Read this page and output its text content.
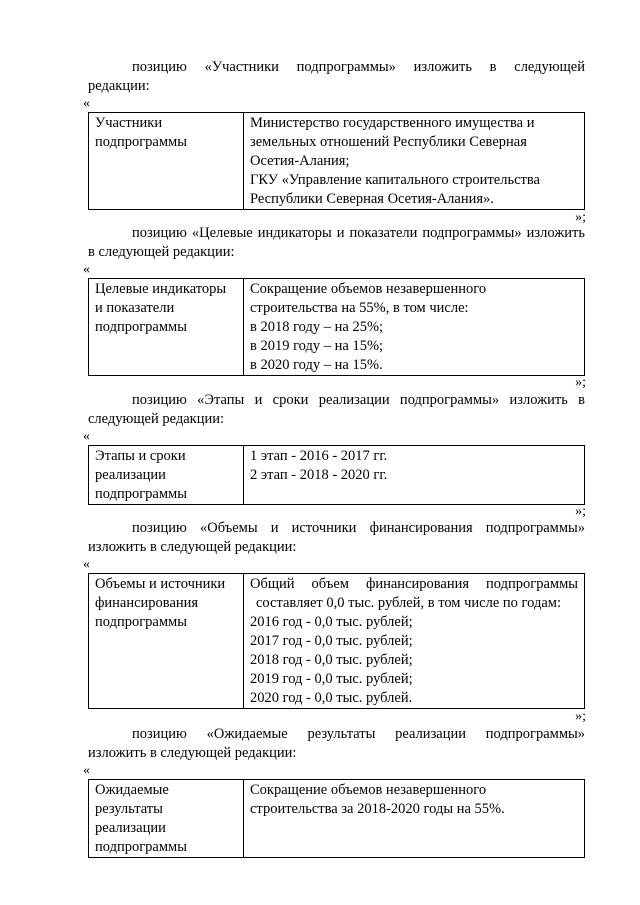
позицию «Участники подпрограммы» изложить в следующей
редакции:

«
Участники
подпрограммы

Министерство государственного имущества и
земельных отношений Республики Северная
Осетия-Алания;
ГКУ «Управление капитального строительства
Республики Северная Осетия-Алания».
»;

позицию «Целевые индикаторы и показатели подпрограммы» изложить
в следующей редакции:

«
Целевые индикаторы
и показатели
подпрограммы

Сокращение объемов незавершенного
строительства на 55%, в том числе:
в 2018 году – на 25%;
в 2019 году – на 15%;
в 2020 году – на 15%.
»;

позицию «Этапы и сроки реализации подпрограммы» изложить в
следующей редакции:

«
Этапы и сроки
реализации
подпрограммы

1 этап - 2016 - 2017 гг.
2 этап - 2018 - 2020 гг.
»;

позицию «Объемы и источники финансирования подпрограммы»
изложить в следующей редакции:

«
Объемы и источники
финансирования
подпрограммы

Общий объем финансирования подпрограммы
составляет 0,0 тыс. рублей, в том числе по годам:
2016 год - 0,0 тыс. рублей;
2017 год - 0,0 тыс. рублей;
2018 год - 0,0 тыс. рублей;
2019 год - 0,0 тыс. рублей;
2020 год - 0,0 тыс. рублей.
»;

позицию «Ожидаемые результаты реализации подпрограммы»
изложить в следующей редакции:

«
Ожидаемые
результаты
реализации
подпрограммы

Сокращение объемов незавершенного
строительства за 2018-2020 годы на 55%.
